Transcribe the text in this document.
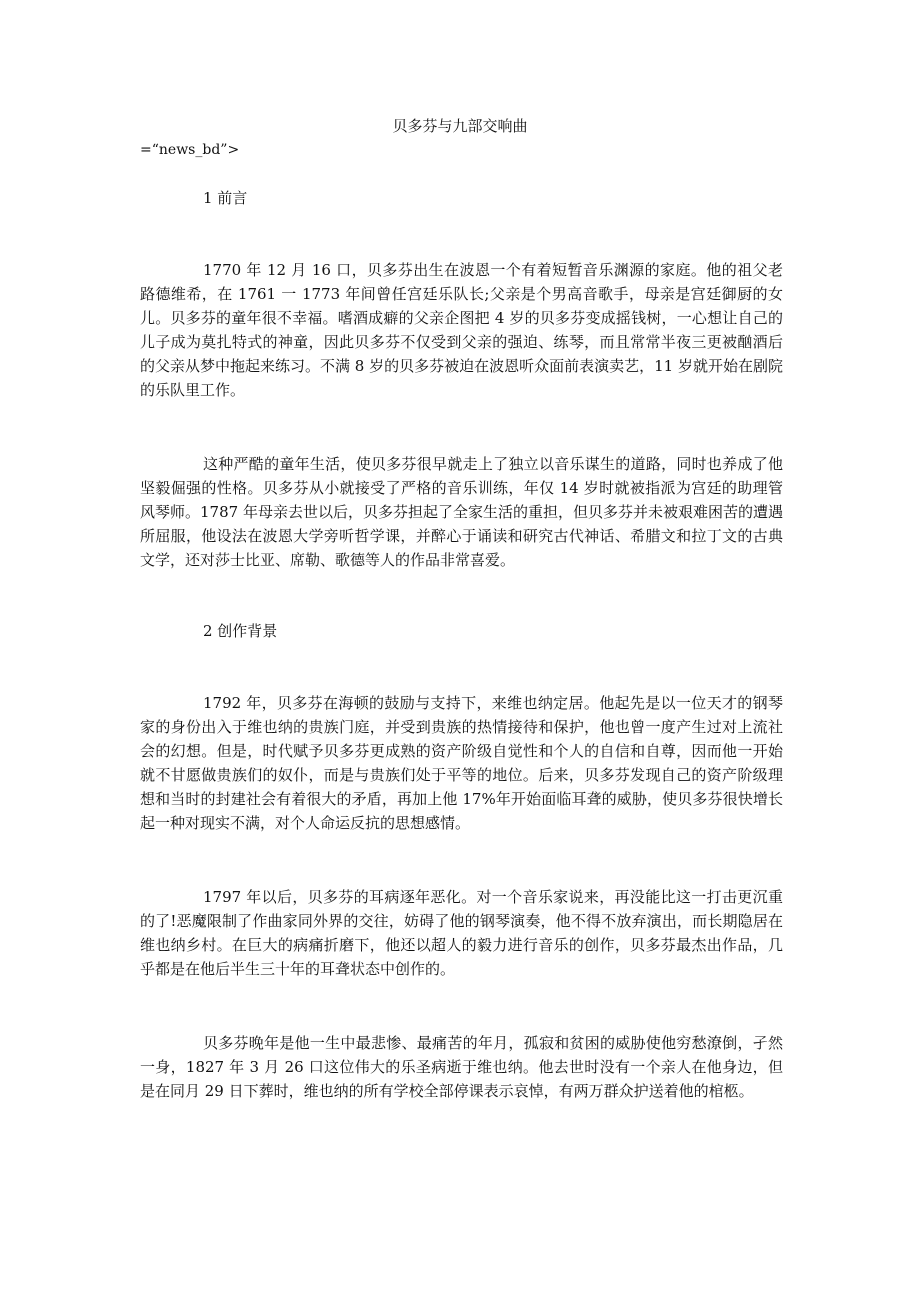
贝多芬与九部交响曲
=“news_bd”>
1 前言

1770 年 12 月 16 口，贝多芬出生在波恩一个有着短暂音乐渊源的家庭。他的祖父老路德维希，在 1761 一 1773 年间曾任宫廷乐队长;父亲是个男高音歌手，母亲是宫廷御厨的女儿。贝多芬的童年很不幸福。嗜酒成癖的父亲企图把 4 岁的贝多芬变成摇钱树，一心想让自己的儿子成为莫扎特式的神童，因此贝多芬不仅受到父亲的强迫、练琴，而且常常半夜三更被酗酒后的父亲从梦中拖起来练习。不满 8 岁的贝多芬被迫在波恩听众面前表演卖艺，11 岁就开始在剧院的乐队里工作。

这种严酷的童年生活，使贝多芬很早就走上了独立以音乐谋生的道路，同时也养成了他坚毅倔强的性格。贝多芬从小就接受了严格的音乐训练，年仅 14 岁时就被指派为宫廷的助理管风琴师。1787 年母亲去世以后，贝多芬担起了全家生活的重担，但贝多芬并未被艰难困苦的遭遇所屈服，他设法在波恩大学旁听哲学课，并醉心于诵读和研究古代神话、希腊文和拉丁文的古典文学，还对莎士比亚、席勒、歌德等人的作品非常喜爱。

2 创作背景

1792 年，贝多芬在海顿的鼓励与支持下，来维也纳定居。他起先是以一位天才的钢琴家的身份出入于维也纳的贵族门庭，并受到贵族的热情接待和保护，他也曾一度产生过对上流社会的幻想。但是，时代赋予贝多芬更成熟的资产阶级自觉性和个人的自信和自尊，因而他一开始就不甘愿做贵族们的奴仆，而是与贵族们处于平等的地位。后来，贝多芬发现自己的资产阶级理想和当时的封建社会有着很大的矛盾，再加上他 17%年开始面临耳聋的威胁，使贝多芬很快增长起一种对现实不满，对个人命运反抗的思想感情。

1797 年以后，贝多芬的耳病逐年恶化。对一个音乐家说来，再没能比这一打击更沉重的了!恶魔限制了作曲家同外界的交往，妨碍了他的钢琴演奏，他不得不放弃演出，而长期隐居在维也纳乡村。在巨大的病痛折磨下，他还以超人的毅力进行音乐的创作，贝多芬最杰出作品，几乎都是在他后半生三十年的耳聋状态中创作的。

贝多芬晚年是他一生中最悲惨、最痛苦的年月，孤寂和贫困的威胁使他穷愁潦倒，孑然一身，1827 年 3 月 26 口这位伟大的乐圣病逝于维也纳。他去世时没有一个亲人在他身边，但是在同月 29 日下葬时，维也纳的所有学校全部停课表示哀悼，有两万群众护送着他的棺柩。
